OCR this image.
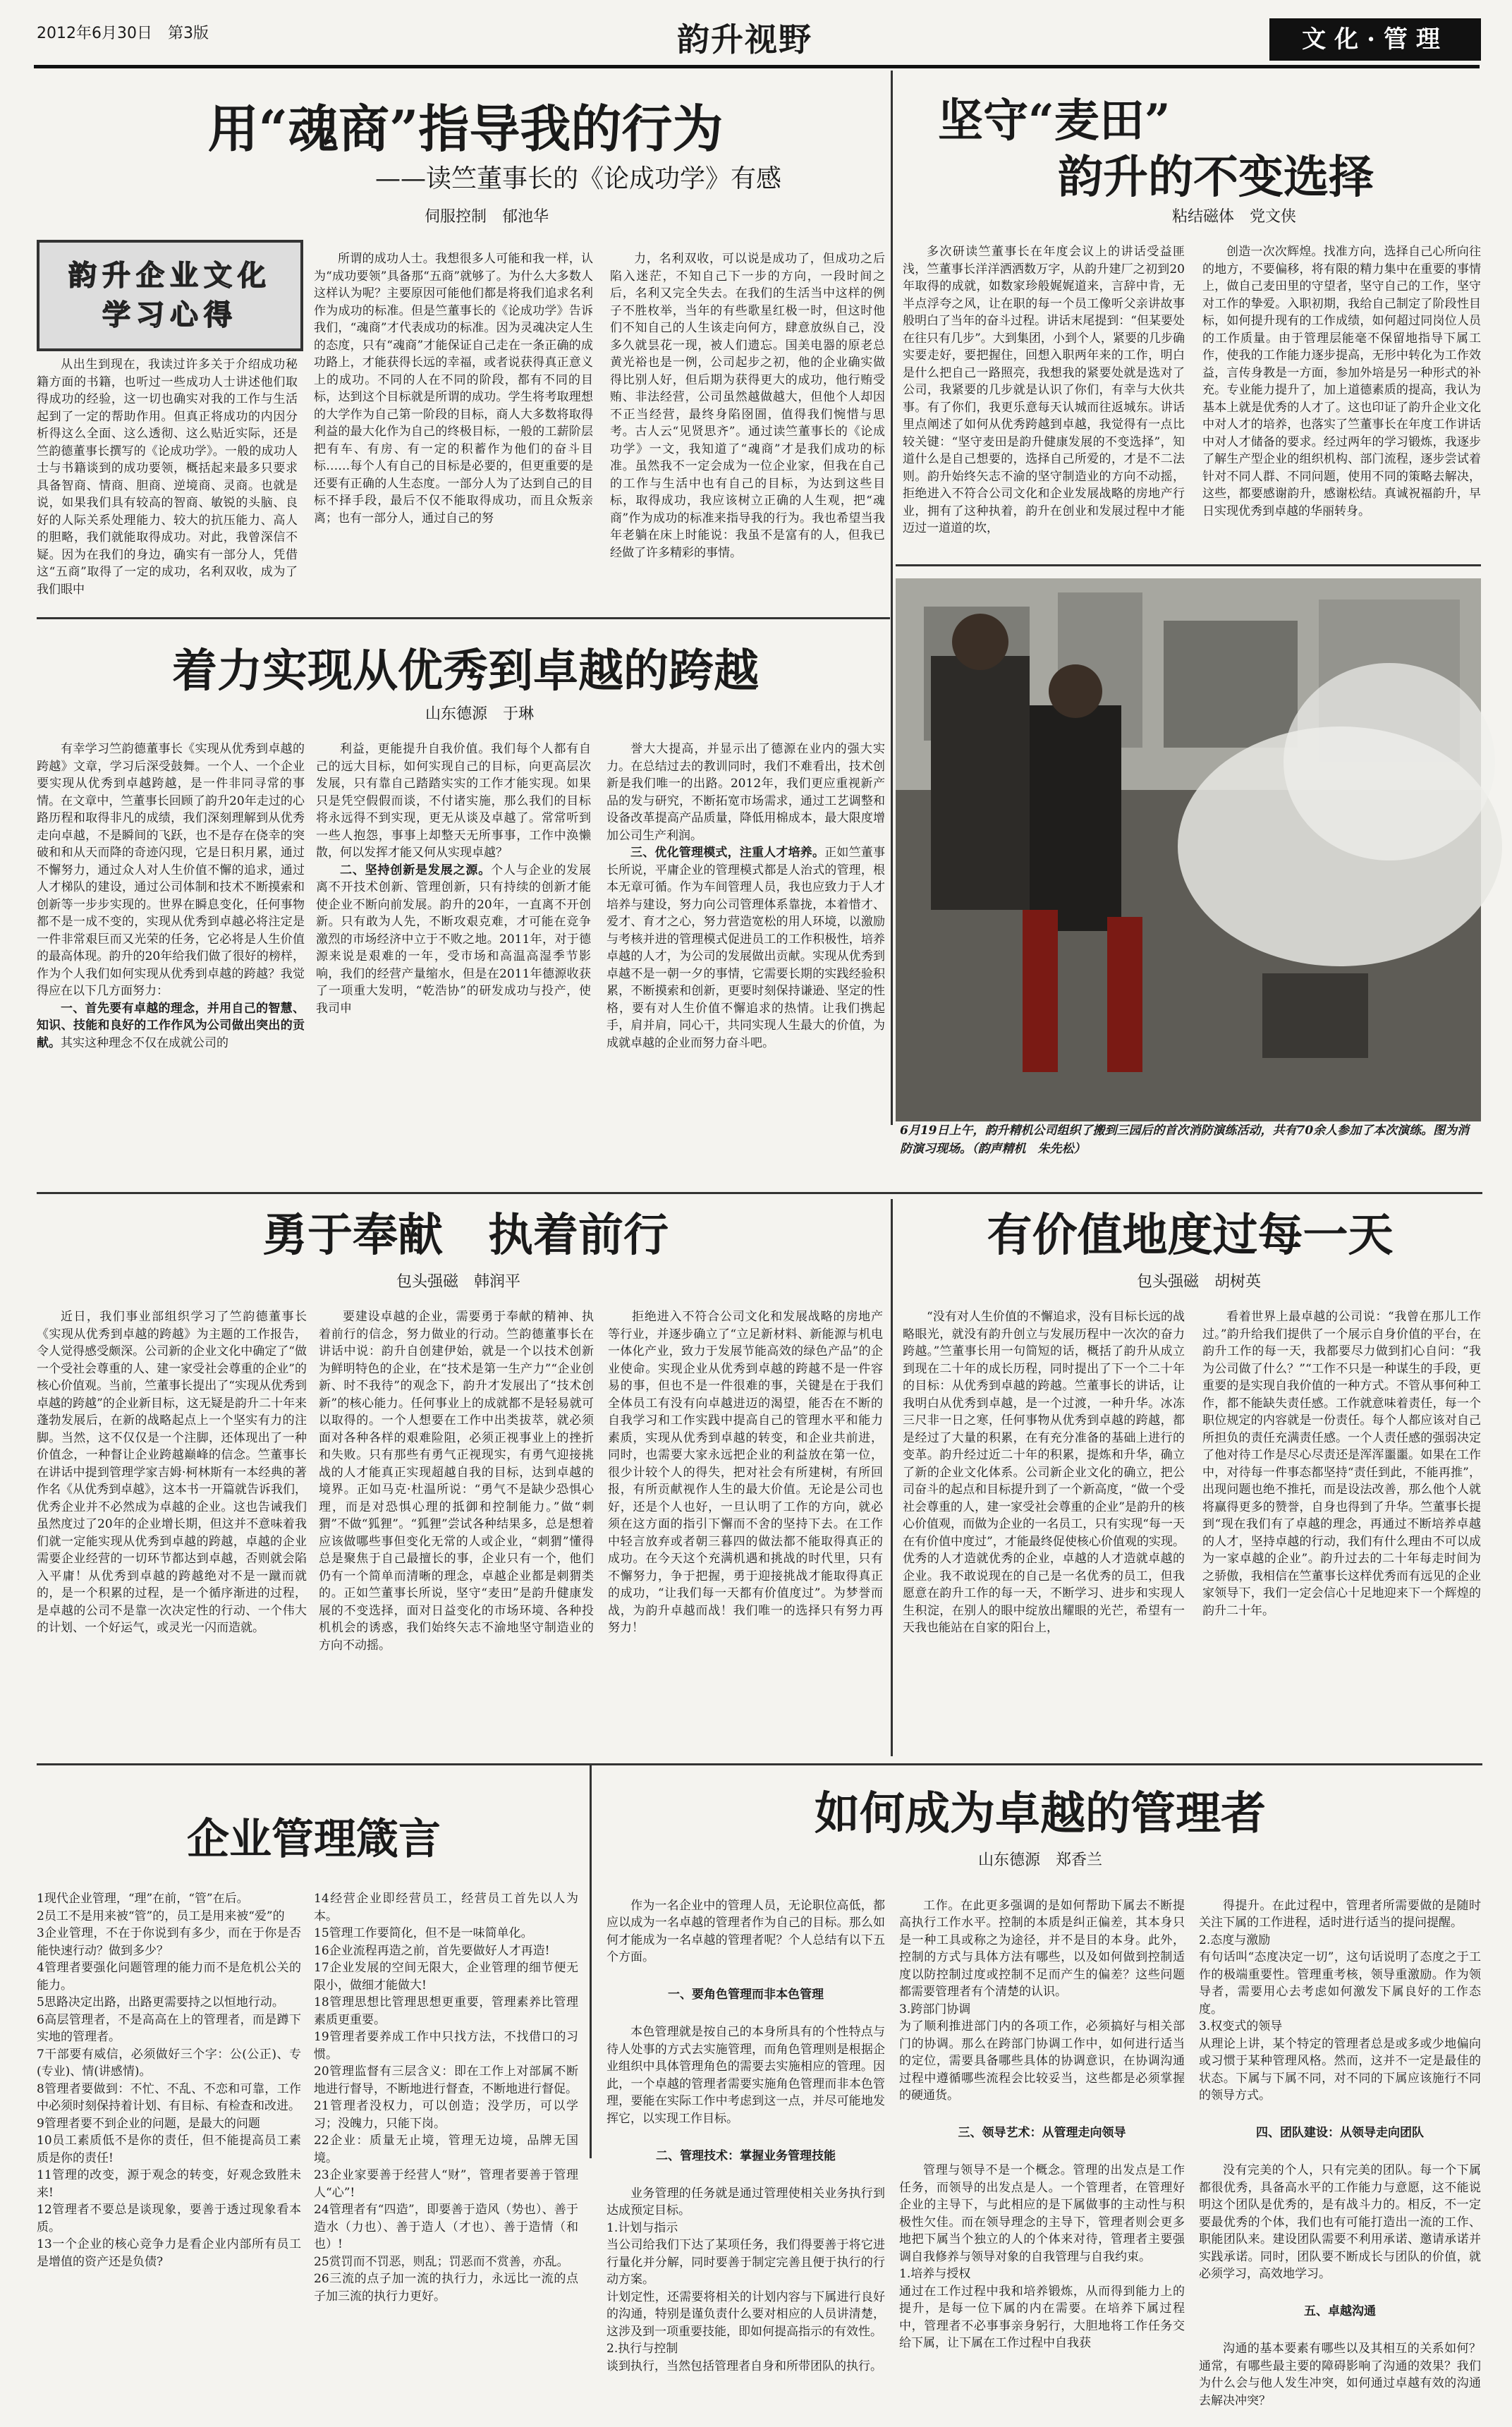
2012年6月30日　第3版	韵升视野	文化·管理
用“魂商”指导我的行为
——读竺董事长的《论成功学》有感
伺服控制　郁池华
韵升企业文化
学习心得

从出生到现在，我读过许多关于介绍成功秘籍方面的书籍，也听过一些成功人士讲述他们取得成功的经验，这一切也确实对我的工作与生活起到了一定的帮助作用。但真正将成功的内因分析得这么全面、这么透彻、这么贴近实际，还是竺韵德董事长撰写的《论成功学》。一般的成功人士与书籍谈到的成功要领，概括起来最多只要求具备智商、情商、胆商、逆境商、灵商。也就是说，如果我们具有较高的智商、敏锐的头脑、良好的人际关系处理能力、较大的抗压能力、高人的胆略，我们就能取得成功。对此，我曾深信不疑。因为在我们的身边，确实有一部分人，凭借这“五商”取得了一定的成功，名利双收，成为了我们眼中

所谓的成功人士。我想很多人可能和我一样，认为“成功要领”具备那“五商”就够了。为什么大多数人这样认为呢？主要原因可能他们都是将我们追求名利作为成功的标准。但是竺董事长的《论成功学》告诉我们，“魂商”才代表成功的标准。因为灵魂决定人生的态度，只有“魂商”才能保证自己走在一条正确的成功路上，才能获得长远的幸福，或者说获得真正意义上的成功。不同的人在不同的阶段，都有不同的目标，达到这个目标就是所谓的成功。学生将考取理想的大学作为自己第一阶段的目标，商人大多数将取得利益的最大化作为自己的终极目标，一般的工薪阶层把有车、有房、有一定的积蓄作为他们的奋斗目标……每个人有自己的目标是必要的，但更重要的是还要有正确的人生态度。一部分人为了达到自己的目标不择手段，最后不仅不能取得成功，而且众叛亲离；也有一部分人，通过自己的努

力，名利双收，可以说是成功了，但成功之后陷入迷茫，不知自己下一步的方向，一段时间之后，名利又完全失去。在我们的生活当中这样的例子不胜枚举，当年的有些歌星红极一时，但这时他们不知自己的人生该走向何方，肆意放纵自己，没多久就昙花一现，被人们遗忘。国美电器的原老总黄光裕也是一例，公司起步之初，他的企业确实做得比别人好，但后期为获得更大的成功，他行贿受贿、非法经营，公司虽然越做越大，但他个人却因不正当经营，最终身陷囹圄，值得我们惋惜与思考。古人云“见贤思齐”。通过读竺董事长的《论成功学》一文，我知道了“魂商”才是我们成功的标准。虽然我不一定会成为一位企业家，但我在自己的工作与生活中也有自己的目标，为达到这些目标，取得成功，我应该树立正确的人生观，把“魂商”作为成功的标准来指导我的行为。我也希望当我年老躺在床上时能说：我虽不是富有的人，但我已经做了许多精彩的事情。

坚守“麦田”
韵升的不变选择
粘结磁体　党文侠

多次研读竺董事长在年度会议上的讲话受益匪浅，竺董事长洋洋洒洒数万字，从韵升建厂之初到20年取得的成就，如数家珍般娓娓道来，言辞中肯，无半点浮夸之风，让在职的每一个员工像听父亲讲故事般明白了当年的奋斗过程。讲话末尾提到：“但某要处在往只有几步”。大到集团，小到个人，紧要的几步确实要走好，要把握住，回想入职两年来的工作，明白是什么把自己一路照亮，我想我的紧要处就是选对了公司，我紧要的几步就是认识了你们，有幸与大伙共事。有了你们，我更乐意每天认城而往返城东。讲话里点阐述了如何从优秀跨越到卓越，我觉得有一点比较关键：“坚守麦田是韵升健康发展的不变选择”，知道什么是自己想要的，选择自己所爱的，才是不二法则。韵升始终矢志不渝的坚守制造业的方向不动摇，拒绝进入不符合公司文化和企业发展战略的房地产行业，拥有了这种执着，韵升在创业和发展过程中才能迈过一道道的坎，

创造一次次辉煌。找准方向，选择自己心所向往的地方，不要偏移，将有限的精力集中在重要的事情上，做自己麦田里的守望者，坚守自己的工作，坚守对工作的挚爱。入职初期，我给自己制定了阶段性目标，如何提升现有的工作成绩，如何超过同岗位人员的工作质量。由于管理层能毫不保留地指导下属工作，使我的工作能力逐步提高，无形中转化为工作效益，言传身教是一方面，参加外培是另一种形式的补充。专业能力提升了，加上道德素质的提高，我认为基本上就是优秀的人才了。这也印证了韵升企业文化中对人才的培养，也落实了竺董事长在年度工作讲话中对人才储备的要求。经过两年的学习锻炼，我逐步了解生产型企业的组织机构、部门流程，逐步尝试着针对不同人群、不同问题，使用不同的策略去解决，这些，都要感谢韵升，感谢松结。真诚祝福韵升，早日实现优秀到卓越的华丽转身。

着力实现从优秀到卓越的跨越
山东德源　于琳

有幸学习竺韵德董事长《实现从优秀到卓越的跨越》文章，学习后深受鼓舞。一个人、一个企业要实现从优秀到卓越跨越，是一件非同寻常的事情。在文章中，竺董事长回顾了韵升20年走过的心路历程和取得非凡的成绩，我们深刻理解到从优秀走向卓越，不是瞬间的飞跃，也不是存在侥幸的突破和和从天而降的奇迹闪现，它是日积月累，通过不懈努力，通过众人对人生价值不懈的追求，通过人才梯队的建设，通过公司体制和技术不断摸索和创新等一步步实现的。世界在瞬息变化，任何事物都不是一成不变的，实现从优秀到卓越必将注定是一件非常艰巨而又光荣的任务，它必将是人生价值的最高体现。韵升的20年给我们做了很好的榜样，作为个人我们如何实现从优秀到卓越的跨越？我觉得应在以下几方面努力：

一、首先要有卓越的理念，并用自己的智慧、知识、技能和良好的工作作风为公司做出突出的贡献。其实这种理念不仅在成就公司的

利益，更能提升自我价值。我们每个人都有自己的远大目标，如何实现自己的目标，向更高层次发展，只有靠自己踏踏实实的工作才能实现。如果只是凭空假假而谈，不付诸实施，那么我们的目标将永远得不到实现，更无从谈及卓越了。常常听到一些人抱怨，事事上却整天无所事事，工作中涣懒散，何以发挥才能又何从实现卓越？

二、坚持创新是发展之源。个人与企业的发展离不开技术创新、管理创新，只有持续的创新才能使企业不断向前发展。韵升的20年，一直离不开创新。只有敢为人先，不断攻艰克难，才可能在竞争激烈的市场经济中立于不败之地。2011年，对于德源来说是艰难的一年，受市场和高温高湿季节影响，我们的经营产量缩水，但是在2011年德源收获了一项重大发明，“乾浩协”的研发成功与投产，使我司申

誉大大提高，并显示出了德源在业内的强大实力。在总结过去的教训同时，我们不难看出，技术创新是我们唯一的出路。2012年，我们更应重视新产品的发与研究，不断拓宽市场需求，通过工艺调整和设备改革提高产品质量，降低用棉成本，最大限度增加公司生产利润。

三、优化管理模式，注重人才培养。正如竺董事长所说，平庸企业的管理模式都是人治式的管理，根本无章可循。作为车间管理人员，我也应致力于人才培养与建设，努力向公司管理体系靠拢，本着惜才、爱才、育才之心，努力营造宽松的用人环境，以激励与考核并进的管理模式促进员工的工作积极性，培养卓越的人才，为公司的发展做出贡献。实现从优秀到卓越不是一朝一夕的事情，它需要长期的实践经验积累，不断摸索和创新，更要时刻保持谦逊、坚定的性格，要有对人生价值不懈追求的热情。让我们携起手，肩并肩，同心干，共同实现人生最大的价值，为成就卓越的企业而努力奋斗吧。

6月19日上午，韵升精机公司组织了搬到三园后的首次消防演练活动，共有70余人参加了本次演练。图为消防演习现场。（韵声精机　朱先松）
勇于奉献　执着前行
包头强磁　韩润平

近日，我们事业部组织学习了竺韵德董事长《实现从优秀到卓越的跨越》为主题的工作报告，令人觉得感受颇深。公司新的企业文化中确定了“做一个受社会尊重的人、建一家受社会尊重的企业”的核心价值观。当前，竺董事长提出了“实现从优秀到卓越的跨越”的企业新目标，这无疑是韵升二十年来蓬勃发展后，在新的战略起点上一个坚实有力的注脚。当然，这不仅仅是一个注脚，还体现出了一种价值念，一种督让企业跨越巅峰的信念。竺董事长在讲话中提到管理学家吉姆·柯林斯有一本经典的著作名《从优秀到卓越》，这本书一开篇就告诉我们，优秀企业并不必然成为卓越的企业。这也告诫我们虽然度过了20年的企业增长期，但这并不意味着我们就一定能实现从优秀到卓越的跨越，卓越的企业需要企业经营的一切环节都达到卓越，否则就会陷入平庸！从优秀到卓越的跨越绝对不是一蹴而就的，是一个积累的过程，是一个循序渐进的过程，是卓越的公司不是靠一次决定性的行动、一个伟大的计划、一个好运气，或灵光一闪而造就。

要建设卓越的企业，需要勇于奉献的精神、执着前行的信念，努力做业的行动。竺韵德董事长在讲话中说：韵升自创建伊始，就是一个以技术创新为鲜明特色的企业，在“技术是第一生产力”“企业创新、时不我待”的观念下，韵升才发展出了“技术创新”的核心能力。任何事业上的成就都不是轻易就可以取得的。一个人想要在工作中出类拔萃，就必须面对各种各样的艰难险阻，必须正视事业上的挫折和失败。只有那些有勇气正视现实，有勇气迎接挑战的人才能真正实现超越自我的目标，达到卓越的境界。正如马克·杜温所说：“勇气不是缺少恐惧心理，而是对恐惧心理的抵御和控制能力。”做“刺猬”不做“狐狸”。“狐狸”尝试各种结果多，总是想着应该做哪些事但变化无常的人或企业，“刺猬”懂得总是聚焦于自己最擅长的事，企业只有一个，他们仍有一个简单而清晰的理念，卓越企业都是刺猬类的。正如竺董事长所说，坚守“麦田”是韵升健康发展的不变选择，面对日益变化的市场环境、各种投机机会的诱惑，我们始终矢志不渝地坚守制造业的方向不动摇。

拒绝进入不符合公司文化和发展战略的房地产等行业，并逐步确立了“立足新材料、新能源与机电一体化产业，致力于发展节能高效的绿色产品”的企业使命。实现企业从优秀到卓越的跨越不是一件容易的事，但也不是一件很难的事，关键是在于我们全体员工有没有向卓越进迈的渴望，能否在不断的自我学习和工作实践中提高自己的管理水平和能力素质，实现从优秀到卓越的转变，和企业共前进，同时，也需要大家永远把企业的利益放在第一位，很少计较个人的得失，把对社会有所建树，有所回报，有所贡献视作人生的最大价值。无论是公司也好，还是个人也好，一旦认明了工作的方向，就必须在这方面的指引下懈而不舍的坚持下去。在工作中轻言放弃或者朝三暮四的做法都不能取得真正的成功。在今天这个充满机遇和挑战的时代里，只有不懈努力，争于把握，勇于迎接挑战才能取得真正的成功，“让我们每一天都有价值度过”。为梦誉而战，为韵升卓越而战！我们唯一的选择只有努力再努力！

有价值地度过每一天
包头强磁　胡树英

“没有对人生价值的不懈追求，没有目标长远的战略眼光，就没有韵升创立与发展历程中一次次的奋力跨越。”竺董事长用一句简短的话，概括了韵升从成立到现在二十年的成长历程，同时提出了下一个二十年的目标：从优秀到卓越的跨越。竺董事长的讲话，让我明白从优秀到卓越，是一个过渡，一种升华。冰冻三尺非一日之寒，任何事物从优秀到卓越的跨越，都是经过了大量的积累，在有充分准备的基础上进行的变革。韵升经过近二十年的积累，提炼和升华，确立了新的企业文化体系。公司新企业文化的确立，把公司奋斗的起点和目标提升到了一个新高度，“做一个受社会尊重的人，建一家受社会尊重的企业”是韵升的核心价值观，而做为企业的一名员工，只有实现“每一天在有价值中度过”，才能最终促使核心价值观的实现。优秀的人才造就优秀的企业，卓越的人才造就卓越的企业。我不敢说现在的自己是一名优秀的员工，但我愿意在韵升工作的每一天，不断学习、进步和实现人生积淀，在别人的眼中绽放出耀眼的光芒，希望有一天我也能站在自家的阳台上，

看着世界上最卓越的公司说：“我曾在那儿工作过。”韵升给我们提供了一个展示自身价值的平台，在韵升工作的每一天，我都要尽力做到扪心自问：“我为公司做了什么？”“工作不只是一种谋生的手段，更重要的是实现自我价值的一种方式。不管从事何种工作，都不能缺失责任感。工作就意味着责任，每一个职位规定的内容就是一份责任。每个人都应该对自己所担负的责任充满责任感。一个人责任感的强弱决定了他对待工作是尽心尽责还是浑浑噩噩。如果在工作中，对待每一件事态都坚持“责任到此，不能再推”，出现问题也绝不推托，而是设法改善，那么他个人就将赢得更多的赞誉，自身也得到了升华。竺董事长提到“现在我们有了卓越的理念，再通过不断培养卓越的人才，坚持卓越的行动，我们有什么理由不可以成为一家卓越的企业”。韵升过去的二十年每走时间为之骄傲，我相信在竺董事长这样优秀而有远见的企业家领导下，我们一定会信心十足地迎来下一个辉煌的韵升二十年。

企业管理箴言

1现代企业管理，“理”在前，“管”在后。
2员工不是用来被“管”的，员工是用来被“爱”的
3企业管理，不在于你说到有多少，而在于你是否能快速行动？做到多少？
4管理者要强化问题管理的能力而不是危机公关的能力。
5思路决定出路，出路更需要持之以恒地行动。
6高层管理者，不是高高在上的管理者，而是蹲下实地的管理者。
7干部要有威信，必须做好三个字：公(公正)、专(专业)、情(讲感情)。
8管理者要做到：不忙、不乱、不恋和可靠，工作中必须时刻保持着计划、有目标、有检查和改进。
9管理者要不到企业的问题，是最大的问题
10员工素质低不是你的责任，但不能提高员工素质是你的责任!
11管理的改变，源于观念的转变，好观念致胜未来!
12管理者不要总是谈现象，要善于透过现象看本质。
13一个企业的核心竞争力是看企业内部所有员工是增值的资产还是负债?

14经营企业即经营员工，经营员工首先以人为本。
15管理工作要简化，但不是一味简单化。
16企业流程再造之前，首先要做好人才再造!
17企业发展的空间无限大，企业管理的细节便无限小，做细才能做大!
18管理思想比管理思想更重要，管理素养比管理素质更重要。
19管理者要养成工作中只找方法，不找借口的习惯。
20管理监督有三层含义：即在工作上对部属不断地进行督导，不断地进行督查，不断地进行督促。
21管理者没权力，可以创造；没学历，可以学习；没魄力，只能下岗。
22企业：质量无止境，管理无边境，品牌无国境。
23企业家要善于经营人“财”，管理者要善于管理人“心”!
24管理者有“四造”，即要善于造风（势也）、善于造水（力也）、善于造人（才也）、善于造情（和也）!
25赏罚而不罚恶，则乱；罚恶而不赏善，亦乱。
26三流的点子加一流的执行力，永远比一流的点子加三流的执行力更好。

如何成为卓越的管理者
山东德源　郑香兰

作为一名企业中的管理人员，无论职位高低，都应以成为一名卓越的管理者作为自己的目标。那么如何才能成为一名卓越的管理者呢？个人总结有以下五个方面。

一、要角色管理而非本色管理

本色管理就是按自己的本身所具有的个性特点与待人处事的方式去实施管理，而角色管理则是根据企业组织中具体管理角色的需要去实施相应的管理。因此，一个卓越的管理者需要实施角色管理而非本色管理，要能在实际工作中考虑到这一点，并尽可能地发挥它，以实现工作目标。

二、管理技术：掌握业务管理技能

业务管理的任务就是通过管理使相关业务执行到达成预定目标。
1.计划与指示
当公司给我们下达了某项任务，我们得要善于将它进行量化并分解，同时要善于制定完善且便于执行的行动方案。
计划定性，还需要将相关的计划内容与下属进行良好的沟通，特别是谨负责什么要对相应的人员讲清楚，这涉及到一项重要技能，即如何提高指示的有效性。
2.执行与控制
谈到执行，当然包括管理者自身和所带团队的执行。

工作。在此更多强调的是如何帮助下属去不断提高执行工作水平。控制的本质是纠正偏差，其本身只是一种工具或称之为途径，并不是目的本身。此外，控制的方式与具体方法有哪些，以及如何做到控制适度以防控制过度或控制不足而产生的偏差？这些问题都需要管理者有个清楚的认识。
3.跨部门协调
为了顺利推进部门内的各项工作，必须搞好与相关部门的协调。那么在跨部门协调工作中，如何进行适当的定位，需要具备哪些具体的协调意识，在协调沟通过程中遵循哪些流程会比较妥当，这些都是必须掌握的硬通货。

三、领导艺术：从管理走向领导

管理与领导不是一个概念。管理的出发点是工作任务，而领导的出发点是人。一个管理者，在管理好企业的主导下，与此相应的是下属做事的主动性与积极性欠佳。而在领导理念的主导下，管理者则会更多地把下属当个独立的人的个体来对待，管理者主要强调自我修养与领导对象的自我管理与自我约束。
1.培养与授权
通过在工作过程中我和培养锻炼，从而得到能力上的提升，是每一位下属的内在需要。在培养下属过程中，管理者不必事事亲身躬行，大胆地将工作任务交给下属，让下属在工作过程中自我获

得提升。在此过程中，管理者所需要做的是随时关注下属的工作进程，适时进行适当的提问提醒。
2.态度与激励
有句话叫“态度决定一切”，这句话说明了态度之于工作的极端重要性。管理重考核，领导重激励。作为领导者，需要用心去考虑如何激发下属良好的工作态度。
3.权变式的领导
从理论上讲，某个特定的管理者总是或多或少地偏向或习惯于某种管理风格。然而，这并不一定是最佳的状态。下属与下属不同，对不同的下属应该施行不同的领导方式。

四、团队建设：从领导走向团队

没有完美的个人，只有完美的团队。每一个下属都很优秀，具备高水平的工作能力与意愿，这不能说明这个团队是优秀的，是有战斗力的。相反，不一定要最优秀的个体，我们也有可能打造出一流的工作、职能团队来。建设团队需要不利用承诺、邀请承诺并实践承诺。同时，团队要不断成长与团队的价值，就必须学习，高效地学习。

五、卓越沟通

沟通的基本要素有哪些以及其相互的关系如何？通常，有哪些最主要的障碍影响了沟通的效果？我们为什么会与他人发生冲突，如何通过卓越有效的沟通去解决冲突？
